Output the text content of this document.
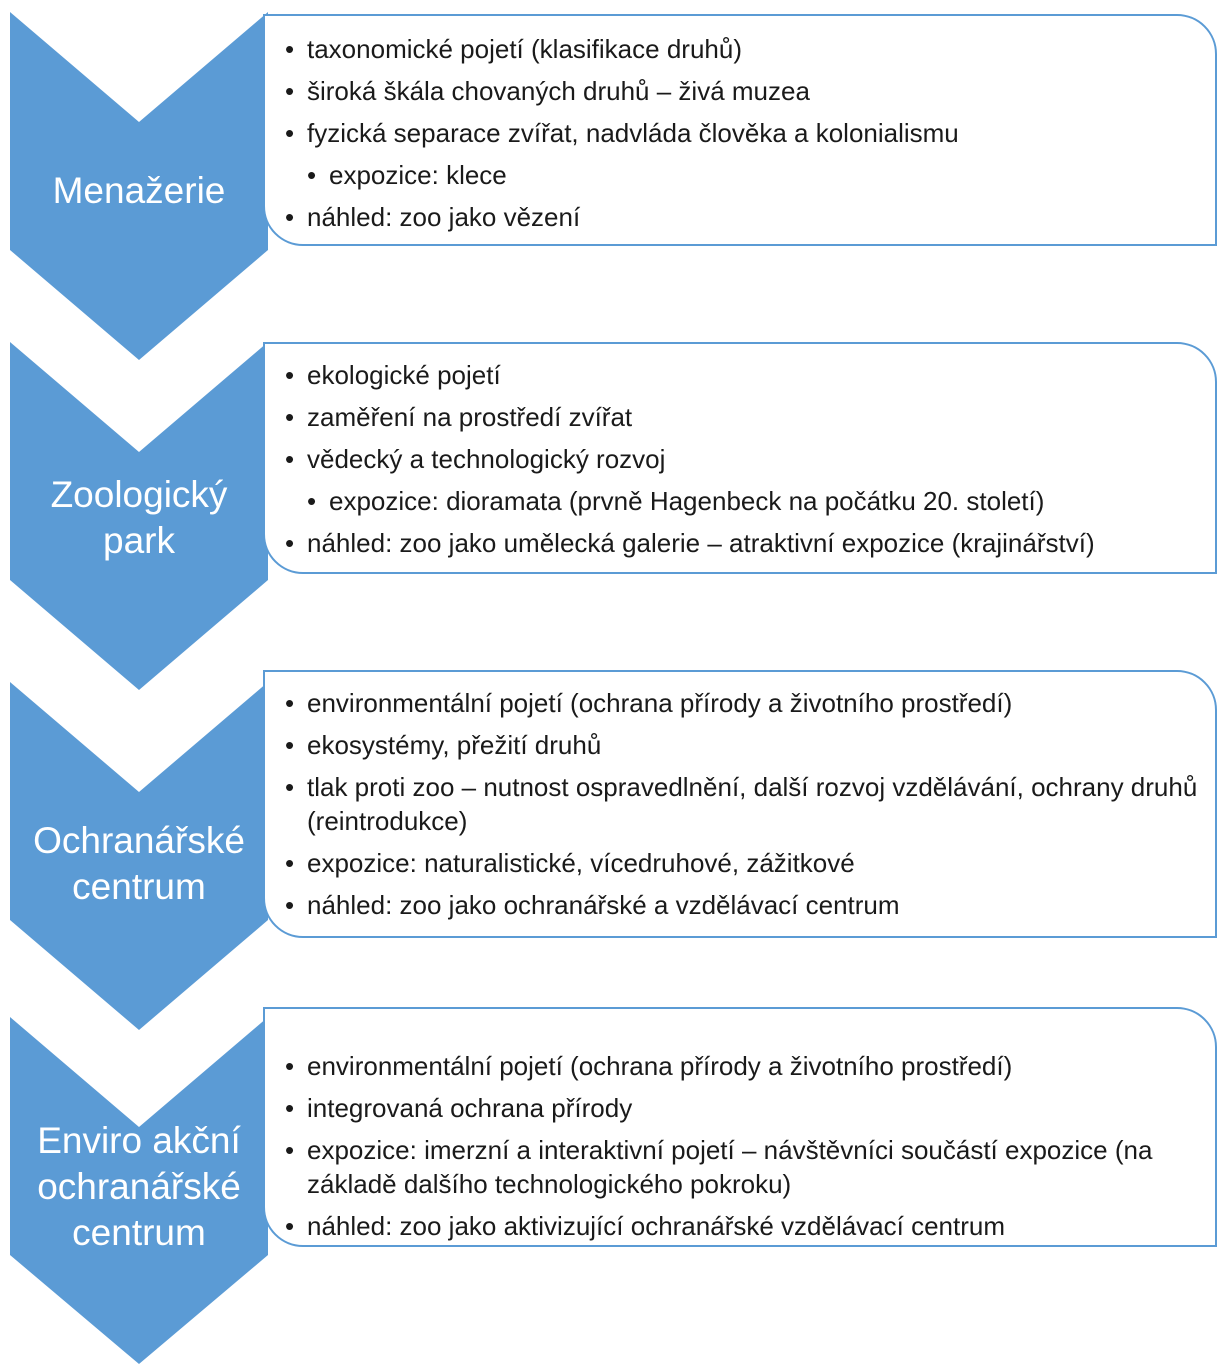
Menažerie
• taxonomické pojetí (klasifikace druhů)
• široká škála chovaných druhů – živá muzea
• fyzická separace zvířat, nadvláda člověka a kolonialismu
• expozice: klece
• náhled: zoo jako vězení
Zoologický
park
• ekologické pojetí
• zaměření na prostředí zvířat
• vědecký a technologický rozvoj
• expozice: dioramata (prvně Hagenbeck na počátku 20. století)
• náhled: zoo jako umělecká galerie – atraktivní expozice (krajinářství)
Ochranářské
centrum
• environmentální pojetí (ochrana přírody a životního prostředí)
• ekosystémy, přežití druhů
• tlak proti zoo – nutnost ospravedlnění, další rozvoj vzdělávání, ochrany druhů (reintrodukce)
• expozice: naturalistické, vícedruhové, zážitkové
• náhled: zoo jako ochranářské a vzdělávací centrum
Enviro akční
ochranářské
centrum
• environmentální pojetí (ochrana přírody a životního prostředí)
• integrovaná ochrana přírody
• expozice: imerzní a interaktivní pojetí – návštěvníci součástí expozice (na základě dalšího technologického pokroku)
• náhled: zoo jako aktivizující ochranářské vzdělávací centrum
